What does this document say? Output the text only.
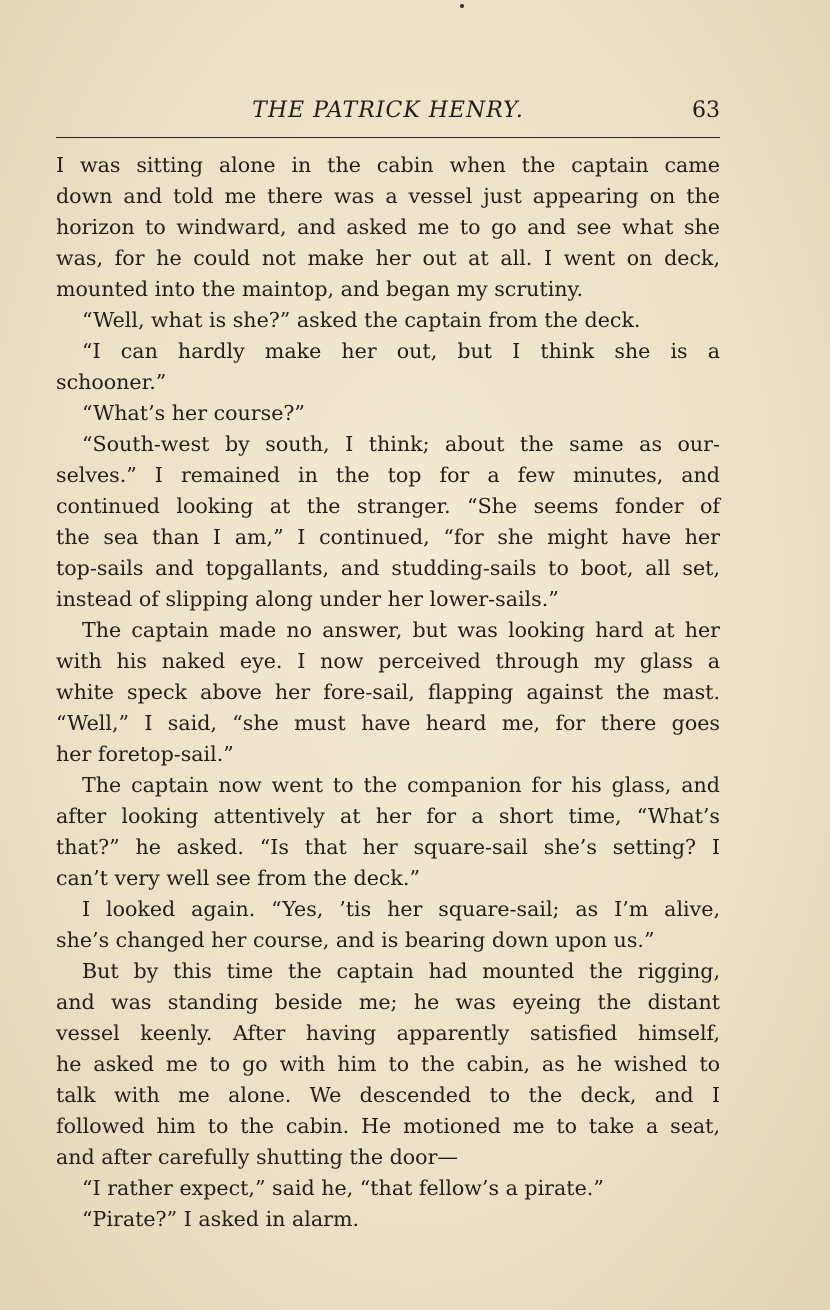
THE PATRICK HENRY.	63
I was sitting alone in the cabin when the captain came
down and told me there was a vessel just appearing on the
horizon to windward, and asked me to go and see what she
was, for he could not make her out at all. I went on deck,
mounted into the maintop, and began my scrutiny.
“Well, what is she?” asked the captain from the deck.
“I can hardly make her out, but I think she is a
schooner.”
“What’s her course?”
“South-west by south, I think; about the same as our-
selves.” I remained in the top for a few minutes, and
continued looking at the stranger. “She seems fonder of
the sea than I am,” I continued, “for she might have her
top-sails and topgallants, and studding-sails to boot, all set,
instead of slipping along under her lower-sails.”
The captain made no answer, but was looking hard at her
with his naked eye. I now perceived through my glass a
white speck above her fore-sail, flapping against the mast.
“Well,” I said, “she must have heard me, for there goes
her foretop-sail.”
The captain now went to the companion for his glass, and
after looking attentively at her for a short time, “What’s
that?” he asked. “Is that her square-sail she’s setting? I
can’t very well see from the deck.”
I looked again. “Yes, ’tis her square-sail; as I’m alive,
she’s changed her course, and is bearing down upon us.”
But by this time the captain had mounted the rigging,
and was standing beside me; he was eyeing the distant
vessel keenly. After having apparently satisfied himself,
he asked me to go with him to the cabin, as he wished to
talk with me alone. We descended to the deck, and I
followed him to the cabin. He motioned me to take a seat,
and after carefully shutting the door—
“I rather expect,” said he, “that fellow’s a pirate.”
“Pirate?” I asked in alarm.
